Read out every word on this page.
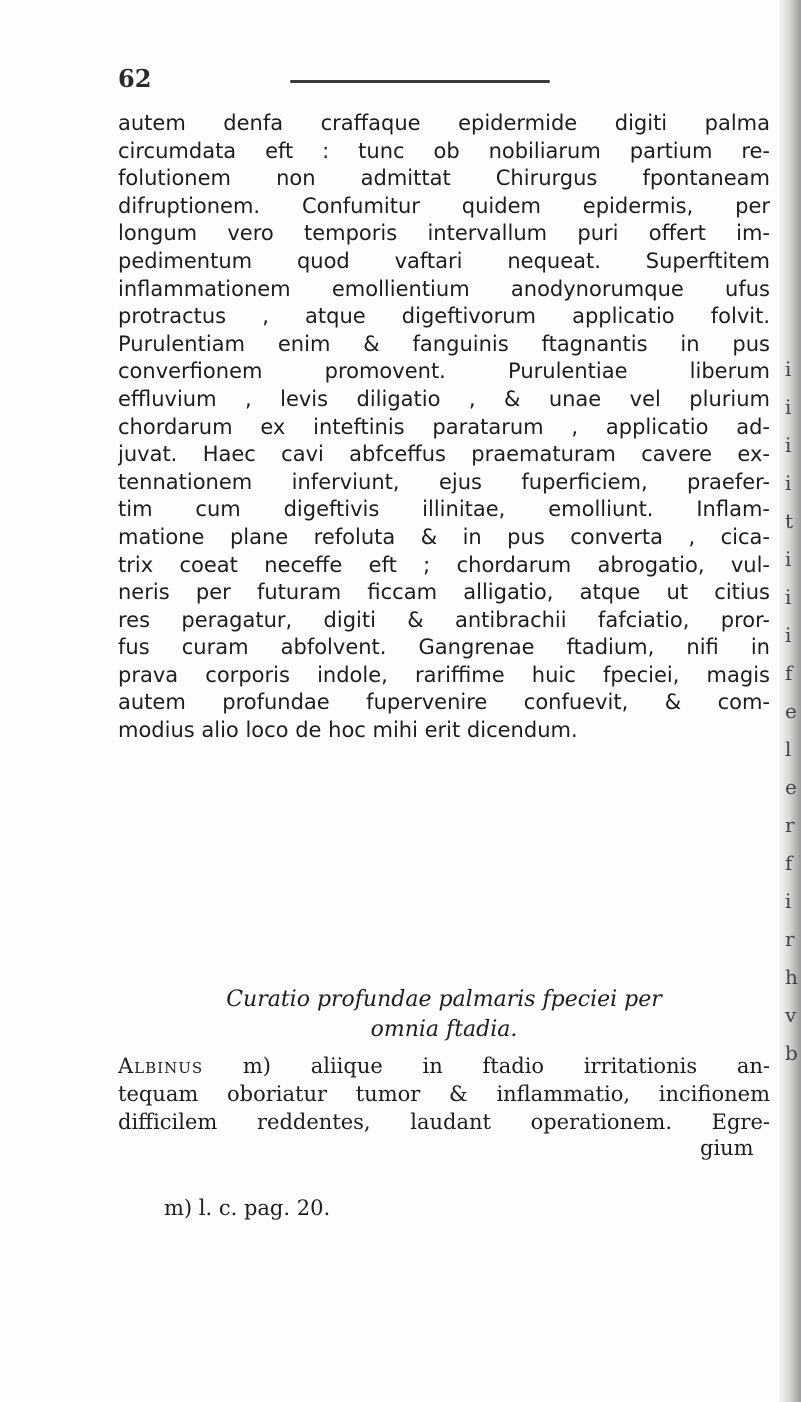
i
i
i
i
t
i
i
i
f
e
l
e
r
f
i
r
h
v
b
62
autem denfa craffaque epidermide digiti palma
circumdata eft : tunc ob nobiliarum partium re-
folutionem non admittat Chirurgus fpontaneam
difruptionem. Confumitur quidem epidermis, per
longum vero temporis intervallum puri offert im-
pedimentum quod vaftari nequeat. Superftitem
inflammationem emollientium anodynorumque ufus
protractus , atque digeftivorum applicatio folvit.
Purulentiam enim & fanguinis ftagnantis in pus
converfionem promovent. Purulentiae liberum
effluvium , levis diligatio , & unae vel plurium
chordarum ex inteftinis paratarum , applicatio ad-
juvat. Haec cavi abfceffus praematuram cavere ex-
tennationem inferviunt, ejus fuperficiem, praefer-
tim cum digeftivis illinitae, emolliunt. Inflam-
matione plane refoluta & in pus converta , cica-
trix coeat neceffe eft ; chordarum abrogatio, vul-
neris per futuram ficcam alligatio, atque ut citius
res peragatur, digiti & antibrachii fafciatio, pror-
fus curam abfolvent. Gangrenae ftadium, nifi in
prava corporis indole, rariffime huic fpeciei, magis
autem profundae fupervenire confuevit, & com-
modius alio loco de hoc mihi erit dicendum.
Curatio profundae palmaris fpeciei per
omnia ftadia.
Albinus m) aliique in ftadio irritationis an-
tequam oboriatur tumor & inflammatio, incifionem
difficilem reddentes, laudant operationem. Egre-
gium
m) l. c. pag. 20.
